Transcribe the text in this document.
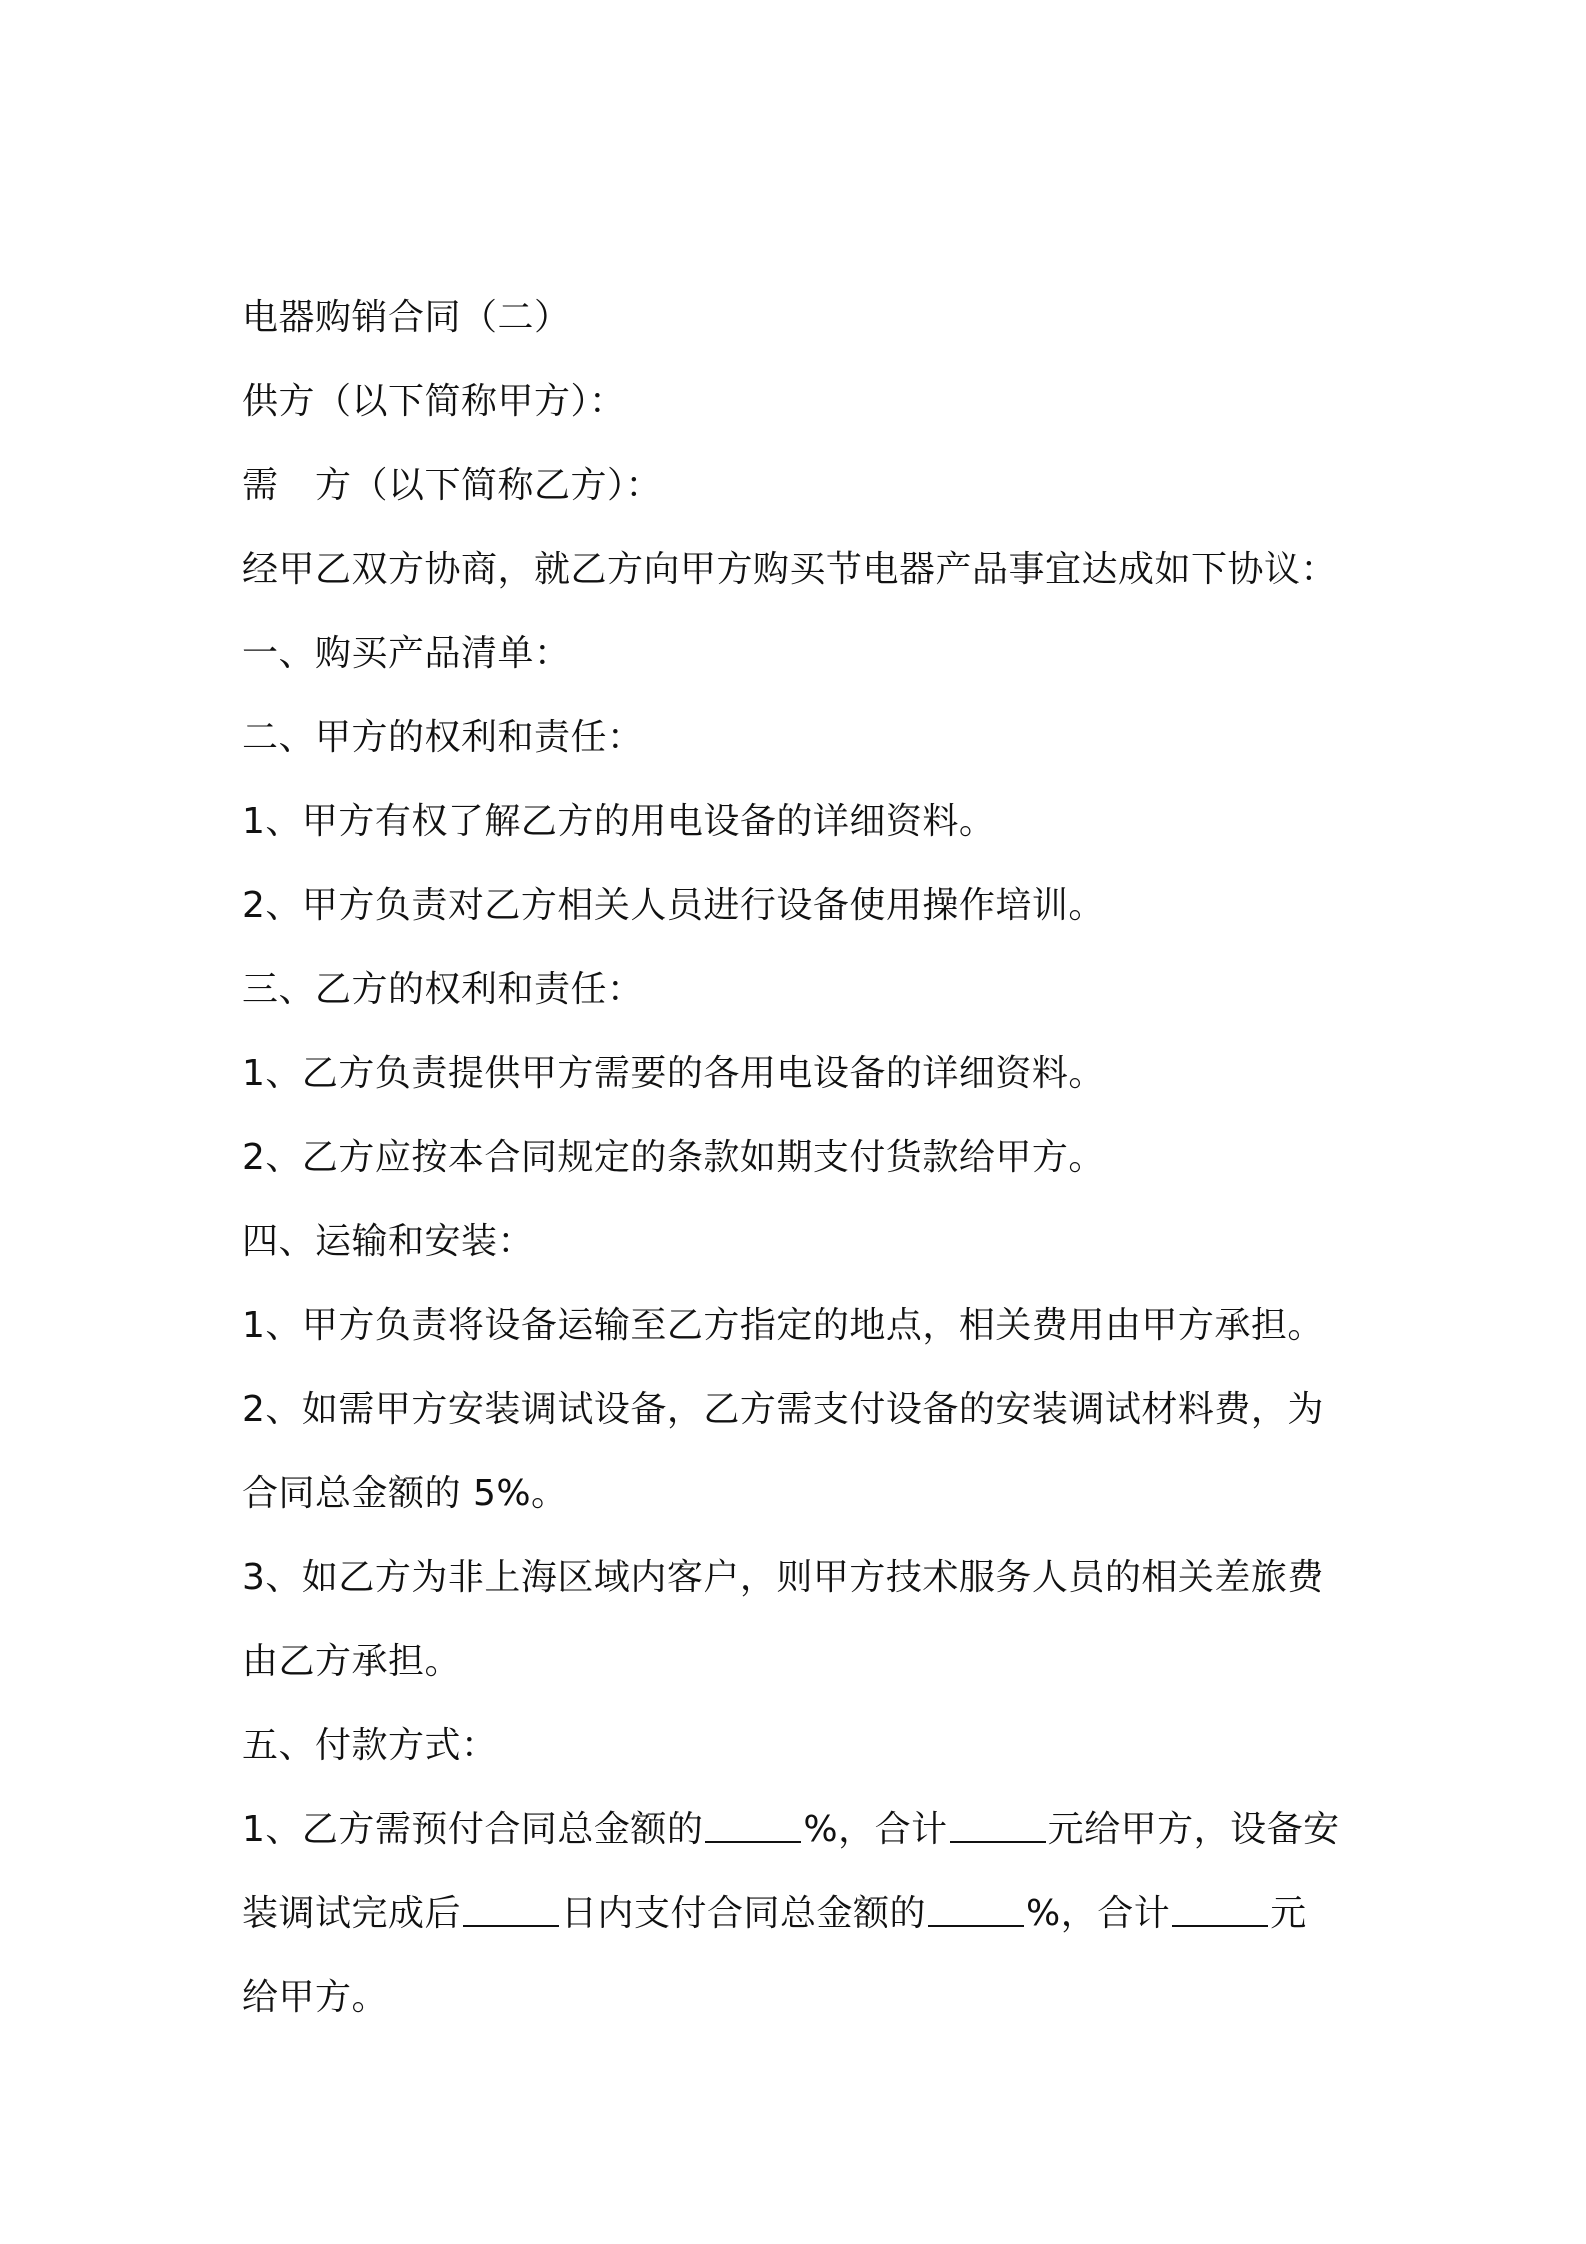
电器购销合同（二）
供方（以下简称甲方）：
需　方（以下简称乙方）：
经甲乙双方协商，就乙方向甲方购买节电器产品事宜达成如下协议：
一、购买产品清单：
二、甲方的权利和责任：
1、甲方有权了解乙方的用电设备的详细资料。
2、甲方负责对乙方相关人员进行设备使用操作培训。
三、乙方的权利和责任：
1、乙方负责提供甲方需要的各用电设备的详细资料。
2、乙方应按本合同规定的条款如期支付货款给甲方。
四、运输和安装：
1、甲方负责将设备运输至乙方指定的地点，相关费用由甲方承担。
2、如需甲方安装调试设备，乙方需支付设备的安装调试材料费，为
合同总金额的 5%。
3、如乙方为非上海区域内客户，则甲方技术服务人员的相关差旅费
由乙方承担。
五、付款方式：
1、乙方需预付合同总金额的	%，合计	元给甲方，设备安
装调试完成后	日内支付合同总金额的	%，合计	元
给甲方。
